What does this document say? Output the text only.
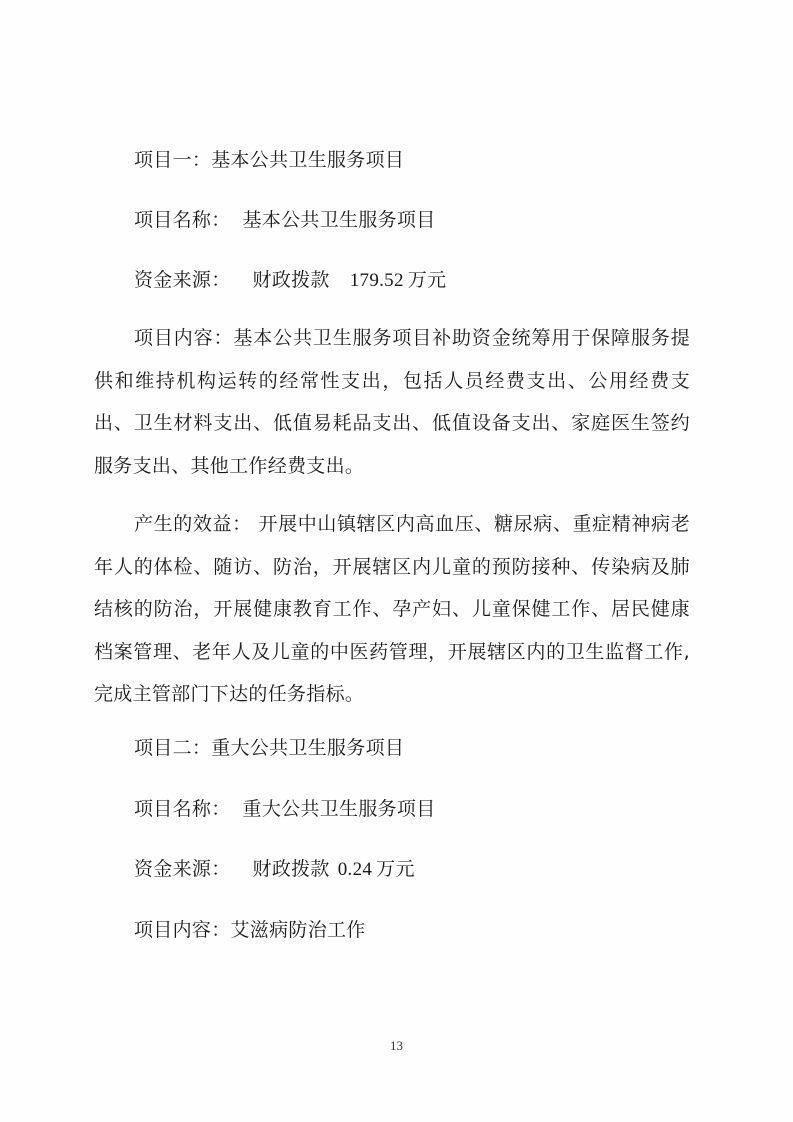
项目一：基本公共卫生服务项目
项目名称： 基本公共卫生服务项目
资金来源： 财政拨款 179.52 万元
项目内容：基本公共卫生服务项目补助资金统筹用于保障服务提供和维持机构运转的经常性支出，包括人员经费支出、公用经费支出、卫生材料支出、低值易耗品支出、低值设备支出、家庭医生签约服务支出、其他工作经费支出。
产生的效益： 开展中山镇辖区内高血压、糖尿病、重症精神病老年人的体检、随访、防治，开展辖区内儿童的预防接种、传染病及肺结核的防治，开展健康教育工作、孕产妇、儿童保健工作、居民健康档案管理、老年人及儿童的中医药管理，开展辖区内的卫生监督工作,完成主管部门下达的任务指标。
项目二：重大公共卫生服务项目
项目名称： 重大公共卫生服务项目
资金来源： 财政拨款 0.24 万元
项目内容：艾滋病防治工作
13
